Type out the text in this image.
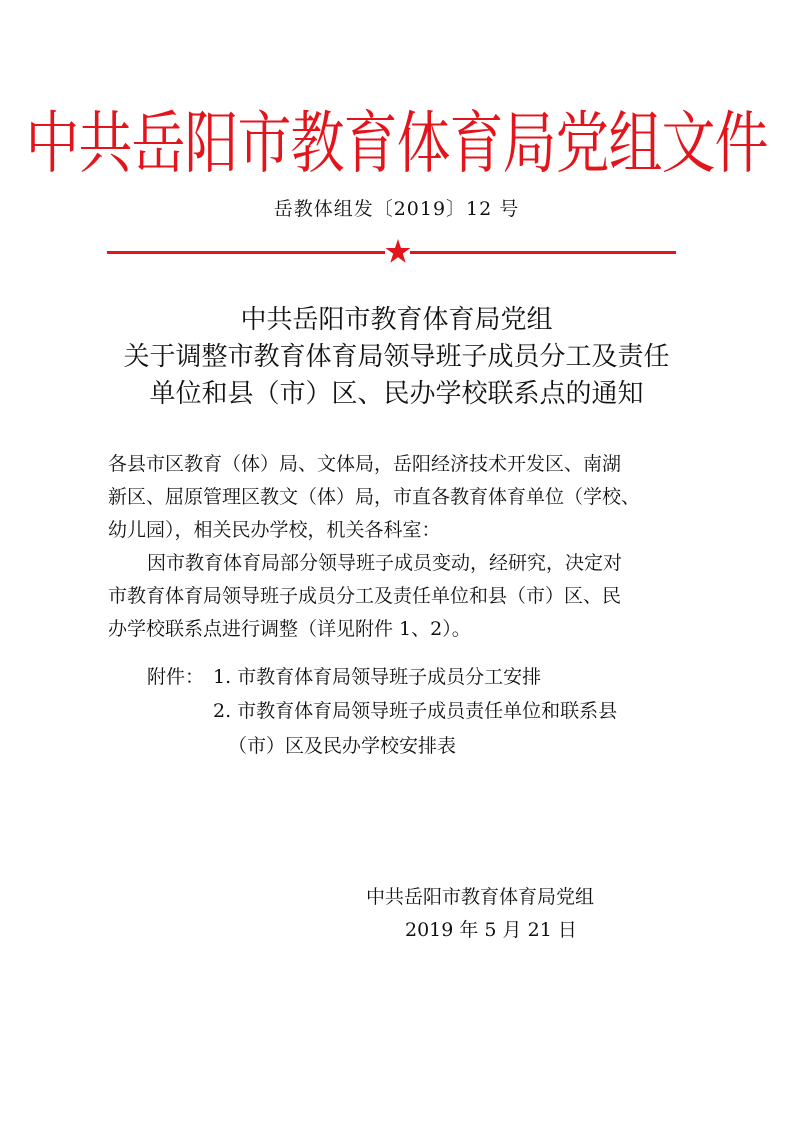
中共岳阳市教育体育局党组文件
岳教体组发〔2019〕12 号
中共岳阳市教育体育局党组
关于调整市教育体育局领导班子成员分工及责任
单位和县（市）区、民办学校联系点的通知
各县市区教育（体）局、文体局，岳阳经济技术开发区、南湖
新区、屈原管理区教文（体）局，市直各教育体育单位（学校、
幼儿园），相关民办学校，机关各科室：
因市教育体育局部分领导班子成员变动，经研究，决定对
市教育体育局领导班子成员分工及责任单位和县（市）区、民
办学校联系点进行调整（详见附件 1、2）。
附件： 1. 市教育体育局领导班子成员分工安排
2. 市教育体育局领导班子成员责任单位和联系县
（市）区及民办学校安排表
中共岳阳市教育体育局党组
2019 年 5 月 21 日
